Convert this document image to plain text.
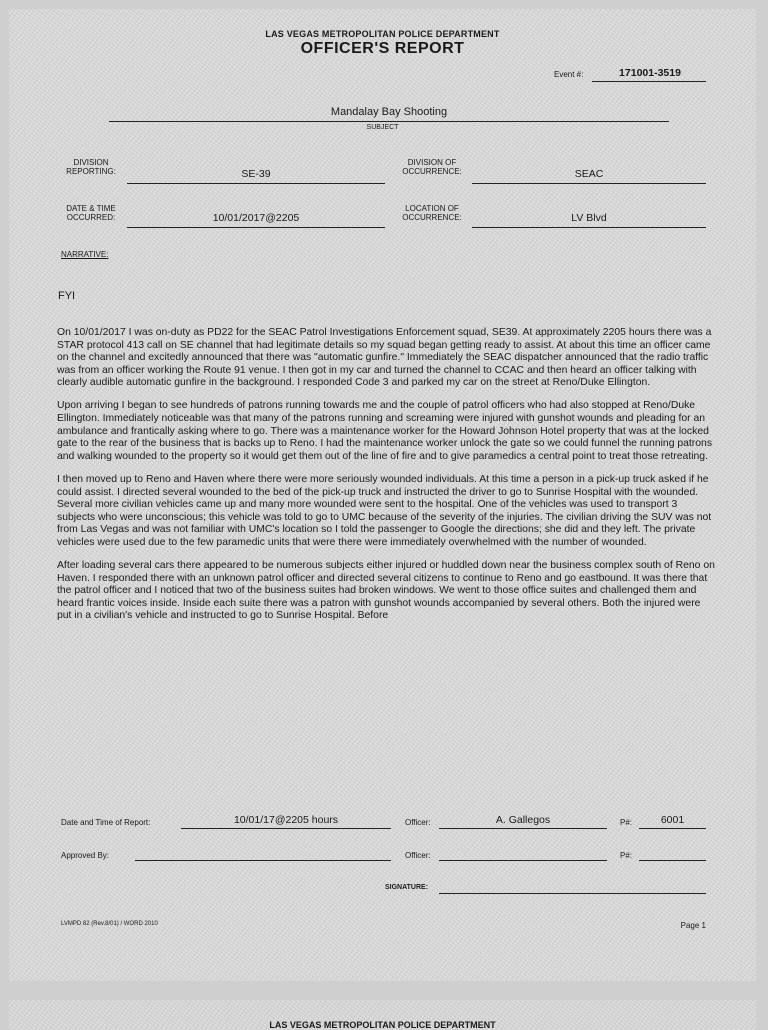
LAS VEGAS METROPOLITAN POLICE DEPARTMENT
OFFICER'S REPORT
Event #:	171001-3519
Mandalay Bay Shooting
SUBJECT
DIVISION
REPORTING:	SE-39
DIVISION OF
OCCURRENCE:	SEAC
DATE & TIME
OCCURRED:	10/01/2017@2205
LOCATION OF
OCCURRENCE:	LV Blvd
NARRATIVE:
FYI

On 10/01/2017 I was on-duty as PD22 for the SEAC Patrol Investigations Enforcement squad, SE39. At approximately 2205 hours there was a STAR protocol 413 call on SE channel that had legitimate details so my squad began getting ready to assist. At about this time an officer came on the channel and excitedly announced that there was "automatic gunfire." Immediately the SEAC dispatcher announced that the radio traffic was from an officer working the Route 91 venue. I then got in my car and turned the channel to CCAC and then heard an officer talking with clearly audible automatic gunfire in the background. I responded Code 3 and parked my car on the street at Reno/Duke Ellington.

Upon arriving I began to see hundreds of patrons running towards me and the couple of patrol officers who had also stopped at Reno/Duke Ellington. Immediately noticeable was that many of the patrons running and screaming were injured with gunshot wounds and pleading for an ambulance and frantically asking where to go. There was a maintenance worker for the Howard Johnson Hotel property that was at the locked gate to the rear of the business that is backs up to Reno. I had the maintenance worker unlock the gate so we could funnel the running patrons and walking wounded to the property so it would get them out of the line of fire and to give paramedics a central point to treat those retreating.

I then moved up to Reno and Haven where there were more seriously wounded individuals. At this time a person in a pick-up truck asked if he could assist. I directed several wounded to the bed of the pick-up truck and instructed the driver to go to Sunrise Hospital with the wounded. Several more civilian vehicles came up and many more wounded were sent to the hospital. One of the vehicles was used to transport 3 subjects who were unconscious; this vehicle was told to go to UMC because of the severity of the injuries. The civilian driving the SUV was not from Las Vegas and was not familiar with UMC's location so I told the passenger to Google the directions; she did and they left. The private vehicles were used due to the few paramedic units that were there were immediately overwhelmed with the number of wounded.

After loading several cars there appeared to be numerous subjects either injured or huddled down near the business complex south of Reno on Haven. I responded there with an unknown patrol officer and directed several citizens to continue to Reno and go eastbound. It was there that the patrol officer and I noticed that two of the business suites had broken windows. We went to those office suites and challenged them and heard frantic voices inside. Inside each suite there was a patron with gunshot wounds accompanied by several others. Both the injured were put in a civilian's vehicle and instructed to go to Sunrise Hospital. Before

Date and Time of Report:	10/01/17@2205 hours	Officer:	A. Gallegos	P#:	6001
Approved By:	Officer:	P#:
SIGNATURE:
LVMPD 82 (Rev.8/01) / WORD 2010	Page 1
LAS VEGAS METROPOLITAN POLICE DEPARTMENT
